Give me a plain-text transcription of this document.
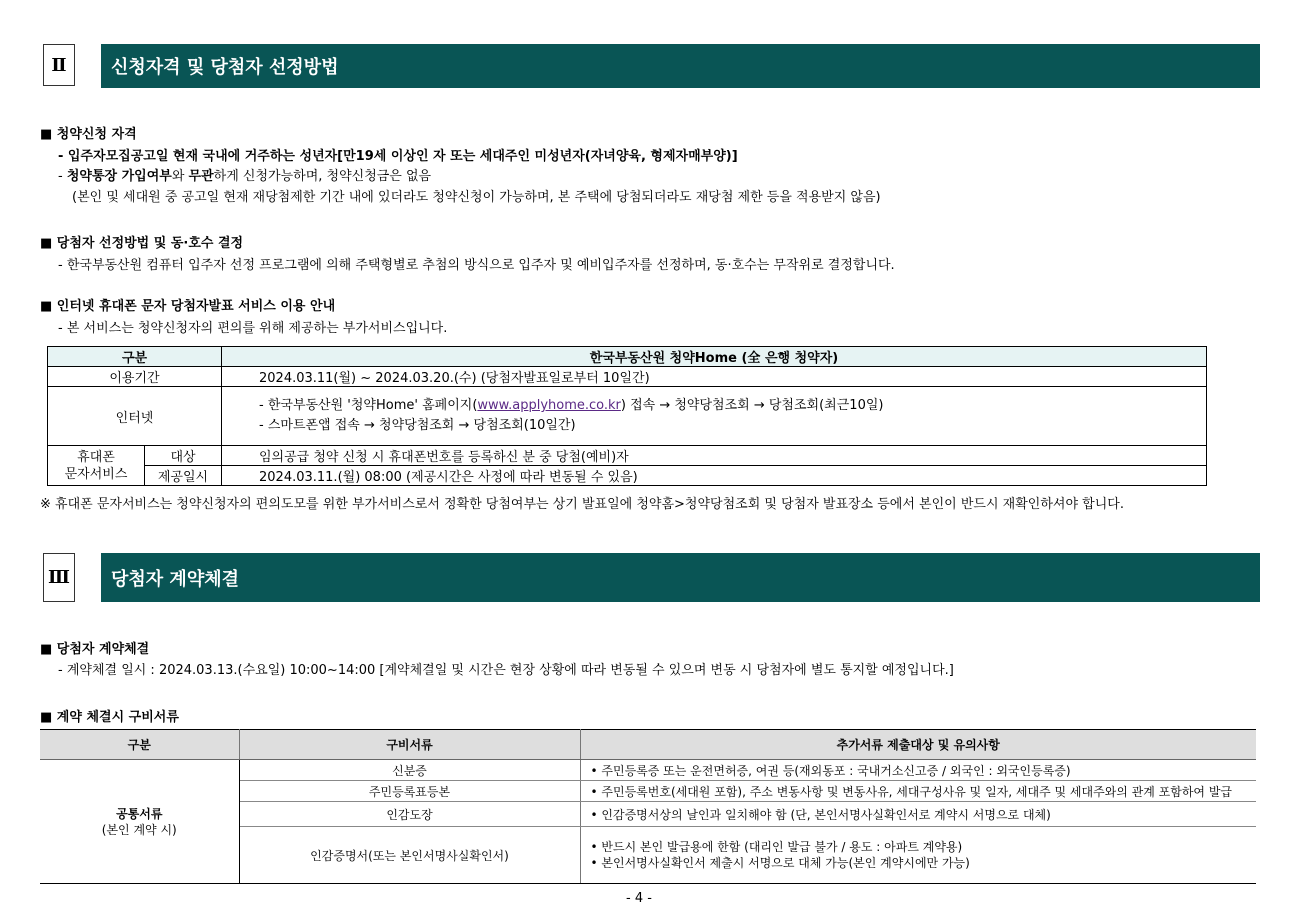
Ⅱ	신청자격 및 당첨자 선정방법
■ 청약신청 자격
- 입주자모집공고일 현재 국내에 거주하는 성년자[만19세 이상인 자 또는 세대주인 미성년자(자녀양육, 형제자매부양)]
- 청약통장 가입여부와 무관하게 신청가능하며, 청약신청금은 없음
(본인 및 세대원 중 공고일 현재 재당첨제한 기간 내에 있더라도 청약신청이 가능하며, 본 주택에 당첨되더라도 재당첨 제한 등을 적용받지 않음)
■ 당첨자 선정방법 및 동·호수 결정
- 한국부동산원 컴퓨터 입주자 선정 프로그램에 의해 주택형별로 추첨의 방식으로 입주자 및 예비입주자를 선정하며, 동·호수는 무작위로 결정합니다.
■ 인터넷 휴대폰 문자 당첨자발표 서비스 이용 안내
- 본 서비스는 청약신청자의 편의를 위해 제공하는 부가서비스입니다.
구분		한국부동산원 청약Home (全 은행 청약자)
이용기간		2024.03.11(월) ~ 2024.03.20.(수) (당첨자발표일로부터 10일간)
인터넷		- 한국부동산원 '청약Home' 홈페이지(www.applyhome.co.kr) 접속 → 청약당첨조회 → 당첨조회(최근10일)
- 스마트폰앱 접속 → 청약당첨조회 → 당첨조회(10일간)

휴대폰
문자서비스	대상	임의공급 청약 신청 시 휴대폰번호를 등록하신 분 중 당첨(예비)자
	제공일시	2024.03.11.(월) 08:00 (제공시간은 사정에 따라 변동될 수 있음)
※ 휴대폰 문자서비스는 청약신청자의 편의도모를 위한 부가서비스로서 정확한 당첨여부는 상기 발표일에 청약홈>청약당첨조회 및 당첨자 발표장소 등에서 본인이 반드시 재확인하셔야 합니다.
Ⅲ	당첨자 계약체결
■ 당첨자 계약체결
- 계약체결 일시 : 2024.03.13.(수요일) 10:00~14:00 [계약체결일 및 시간은 현장 상황에 따라 변동될 수 있으며 변동 시 당첨자에 별도 통지할 예정입니다.]
■ 계약 체결시 구비서류
구분	구비서류	추가서류 제출대상 및 유의사항

공통서류
(본인 계약 시)	신분증	• 주민등록증 또는 운전면허증, 여권 등(재외동포 : 국내거소신고증 / 외국인 : 외국인등록증)
	주민등록표등본	• 주민등록번호(세대원 포함), 주소 변동사항 및 변동사유, 세대구성사유 및 일자, 세대주 및 세대주와의 관계 포함하여 발급
	인감도장	• 인감증명서상의 날인과 일치해야 함 (단, 본인서명사실확인서로 계약시 서명으로 대체)
	인감증명서(또는 본인서명사실확인서)	• 반드시 본인 발급용에 한함 (대리인 발급 불가 / 용도 : 아파트 계약용)
• 본인서명사실확인서 제출시 서명으로 대체 가능(본인 계약시에만 가능)
- 4 -
